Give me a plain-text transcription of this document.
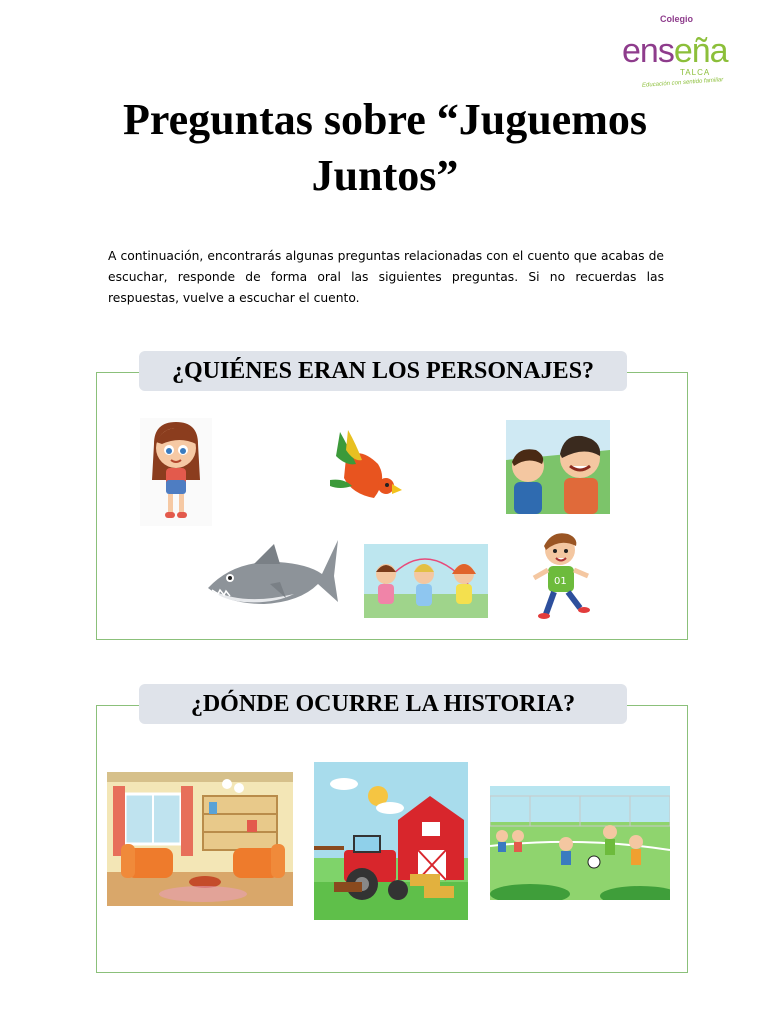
Colegio
enseña
TALCA
Educación con sentido familiar
Preguntas sobre “Juguemos Juntos”
A continuación, encontrarás algunas preguntas relacionadas con el cuento que acabas de escuchar, responde de forma oral las siguientes preguntas. Si no recuerdas las respuestas, vuelve a escuchar el cuento.
¿QUIÉNES ERAN LOS PERSONAJES?
01
¿DÓNDE OCURRE LA HISTORIA?
